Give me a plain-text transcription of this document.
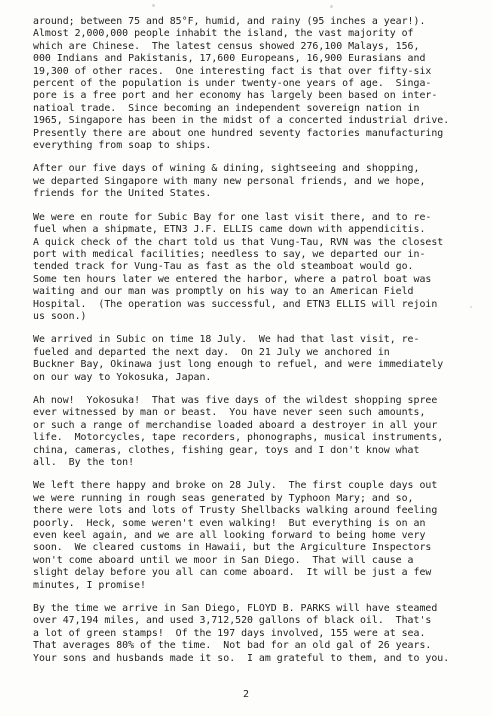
around; between 75 and 85°F, humid, and rainy (95 inches a year!).
Almost 2,000,000 people inhabit the island, the vast majority of
which are Chinese.  The latest census showed 276,100 Malays, 156,
000 Indians and Pakistanis, 17,600 Europeans, 16,900 Eurasians and
19,300 of other races.  One interesting fact is that over fifty-six
percent of the population is under twenty-one years of age.  Singa-
pore is a free port and her economy has largely been based on inter-
natioal trade.  Since becoming an independent sovereign nation in
1965, Singapore has been in the midst of a concerted industrial drive.
Presently there are about one hundred seventy factories manufacturing
everything from soap to ships.
After our five days of wining & dining, sightseeing and shopping,
we departed Singapore with many new personal friends, and we hope,
friends for the United States.
We were en route for Subic Bay for one last visit there, and to re-
fuel when a shipmate, ETN3 J.F. ELLIS came down with appendicitis.
A quick check of the chart told us that Vung-Tau, RVN was the closest
port with medical facilities; needless to say, we departed our in-
tended track for Vung-Tau as fast as the old steamboat would go.
Some ten hours later we entered the harbor, where a patrol boat was
waiting and our man was promptly on his way to an American Field
Hospital.  (The operation was successful, and ETN3 ELLIS will rejoin
us soon.)
We arrived in Subic on time 18 July.  We had that last visit, re-
fueled and departed the next day.  On 21 July we anchored in
Buckner Bay, Okinawa just long enough to refuel, and were immediately
on our way to Yokosuka, Japan.
Ah now!  Yokosuka!  That was five days of the wildest shopping spree
ever witnessed by man or beast.  You have never seen such amounts,
or such a range of merchandise loaded aboard a destroyer in all your
life.  Motorcycles, tape recorders, phonographs, musical instruments,
china, cameras, clothes, fishing gear, toys and I don't know what
all.  By the ton!
We left there happy and broke on 28 July.  The first couple days out
we were running in rough seas generated by Typhoon Mary; and so,
there were lots and lots of Trusty Shellbacks walking around feeling
poorly.  Heck, some weren't even walking!  But everything is on an
even keel again, and we are all looking forward to being home very
soon.  We cleared customs in Hawaii, but the Argiculture Inspectors
won't come aboard until we moor in San Diego.  That will cause a
slight delay before you all can come aboard.  It will be just a few
minutes, I promise!
By the time we arrive in San Diego, FLOYD B. PARKS will have steamed
over 47,194 miles, and used 3,712,520 gallons of black oil.  That's
a lot of green stamps!  Of the 197 days involved, 155 were at sea.
That averages 80% of the time.  Not bad for an old gal of 26 years.
Your sons and husbands made it so.  I am grateful to them, and to you.
2
